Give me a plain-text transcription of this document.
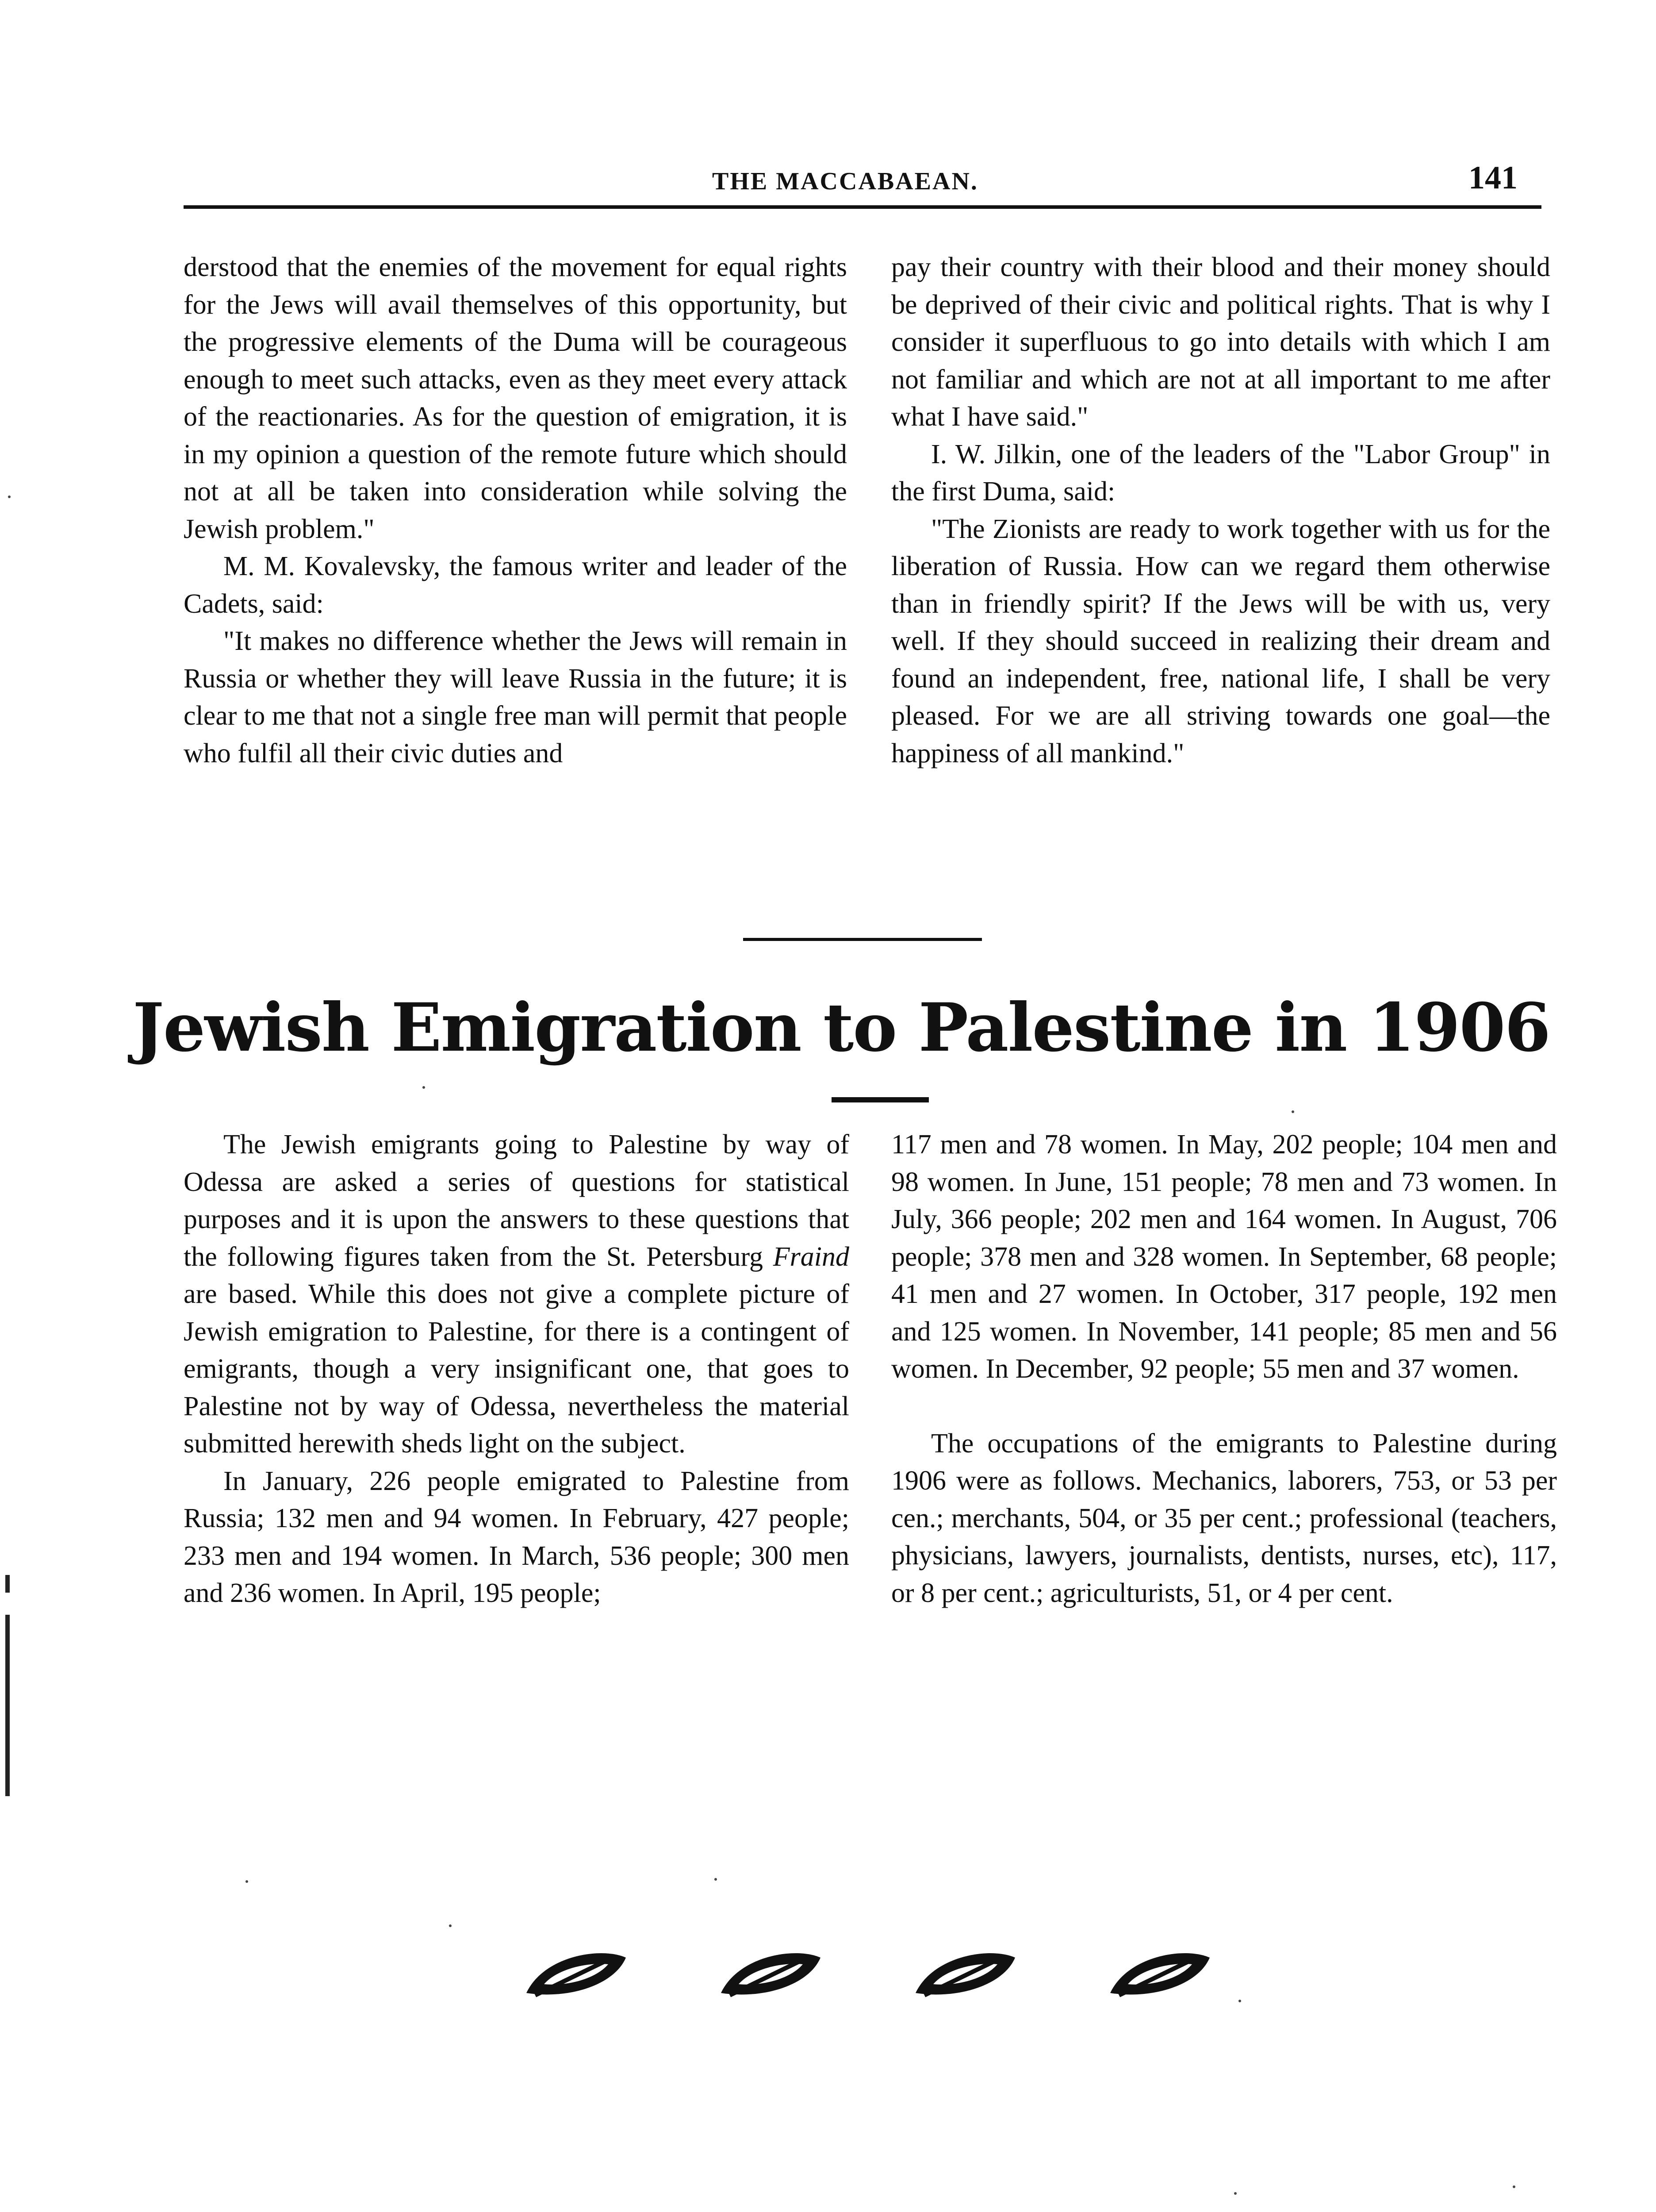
THE MACCABAEAN.	141

derstood that the enemies of the movement for equal rights for the Jews will avail themselves of this opportunity, but the progressive elements of the Duma will be courageous enough to meet such attacks, even as they meet every attack of the reactionaries. As for the question of emigration, it is in my opinion a question of the remote future which should not at all be taken into consideration while solving the Jewish problem."

M. M. Kovalevsky, the famous writer and leader of the Cadets, said:

"It makes no difference whether the Jews will remain in Russia or whether they will leave Russia in the future; it is clear to me that not a single free man will permit that people who fulfil all their civic duties and

pay their country with their blood and their money should be deprived of their civic and political rights. That is why I consider it superfluous to go into details with which I am not familiar and which are not at all important to me after what I have said."

I. W. Jilkin, one of the leaders of the "Labor Group" in the first Duma, said:

"The Zionists are ready to work together with us for the liberation of Russia. How can we regard them otherwise than in friendly spirit? If the Jews will be with us, very well. If they should succeed in realizing their dream and found an independent, free, national life, I shall be very pleased. For we are all striving towards one goal—the happiness of all mankind."

Jewish Emigration to Palestine in 1906

The Jewish emigrants going to Palestine by way of Odessa are asked a series of questions for statistical purposes and it is upon the answers to these questions that the following figures taken from the St. Petersburg Fraind are based. While this does not give a complete picture of Jewish emigration to Palestine, for there is a contingent of emigrants, though a very insignificant one, that goes to Palestine not by way of Odessa, nevertheless the material submitted herewith sheds light on the subject.

In January, 226 people emigrated to Palestine from Russia; 132 men and 94 women. In February, 427 people; 233 men and 194 women. In March, 536 people; 300 men and 236 women. In April, 195 people;

117 men and 78 women. In May, 202 people; 104 men and 98 women. In June, 151 people; 78 men and 73 women. In July, 366 people; 202 men and 164 women. In August, 706 people; 378 men and 328 women. In September, 68 people; 41 men and 27 women. In October, 317 people, 192 men and 125 women. In November, 141 people; 85 men and 56 women. In December, 92 people; 55 men and 37 women.

The occupations of the emigrants to Palestine during 1906 were as follows. Mechanics, laborers, 753, or 53 per cen.; merchants, 504, or 35 per cent.; professional (teachers, physicians, lawyers, journalists, dentists, nurses, etc), 117, or 8 per cent.; agriculturists, 51, or 4 per cent.
